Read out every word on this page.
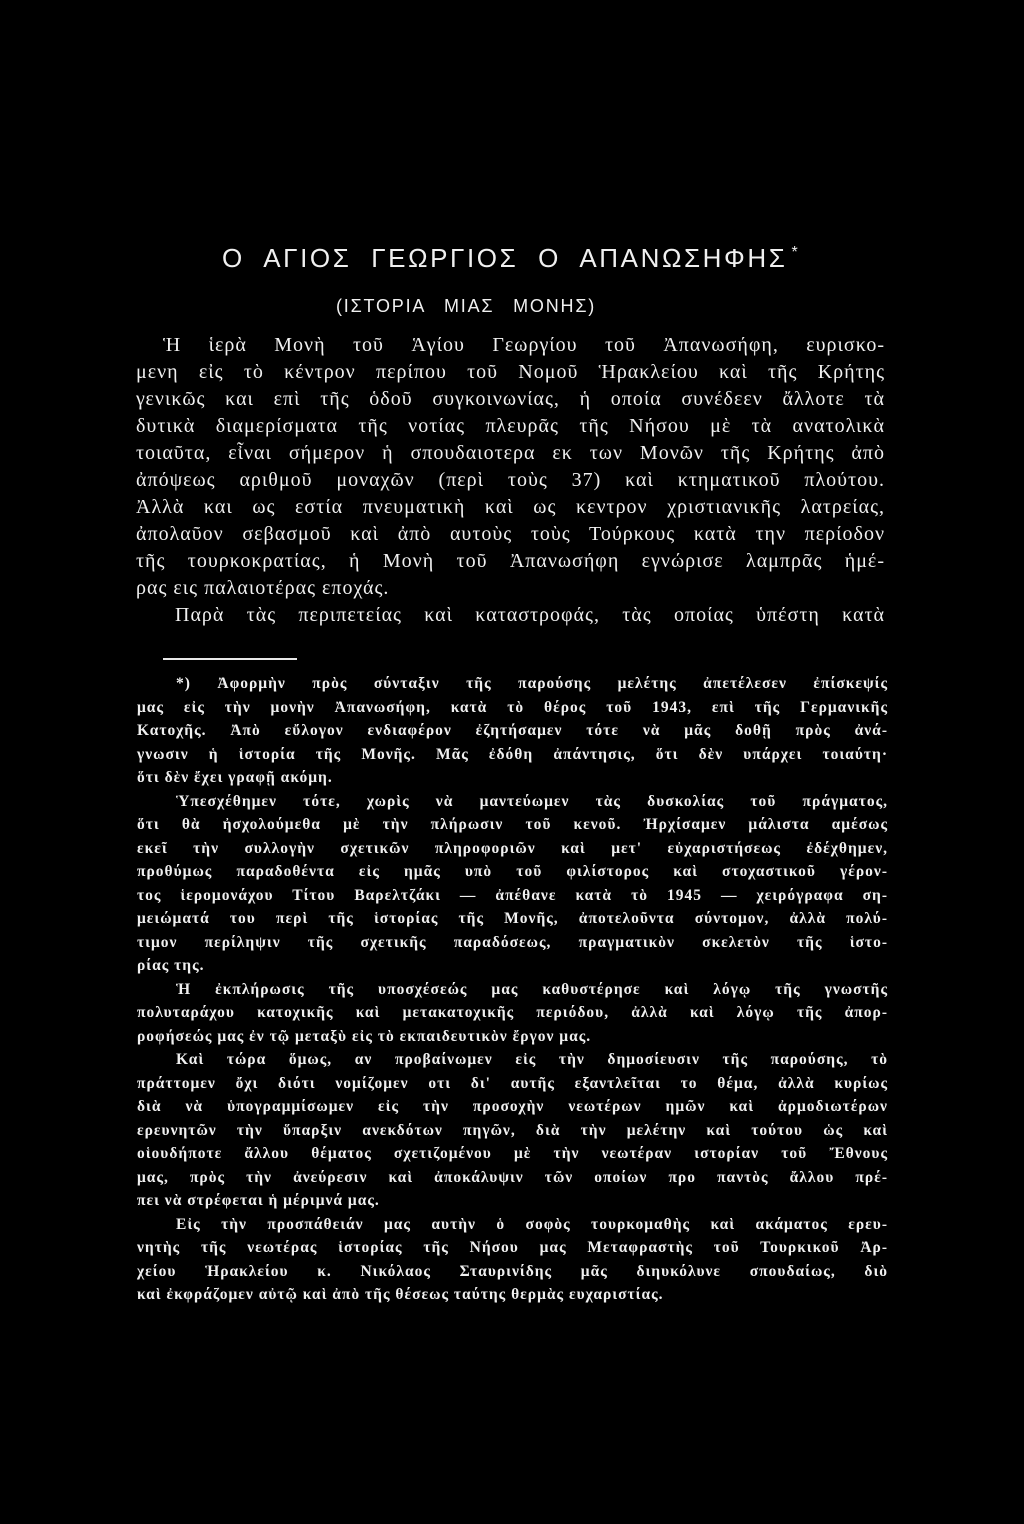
Ο ΑΓΙΟΣ ΓΕΩΡΓΙΟΣ Ο ΑΠΑΝΩΣΗΦΗΣ *
(ΙΣΤΟΡΙΑ ΜΙΑΣ ΜΟΝΗΣ)
Ἡ ἱερὰ Μονὴ τοῦ Ἁγίου Γεωργίου τοῦ Ἀπανωσήφη, ευρισκο-
μενη εἰς τὸ κέντρον περίπου τοῦ Νομοῦ Ἡρακλείου καὶ τῆς Κρήτης
γενικῶς και επὶ τῆς ὁδοῦ συγκοινωνίας, ἡ οποία συνέδεεν ἄλλοτε τὰ
δυτικὰ διαμερίσματα τῆς νοτίας πλευρᾶς τῆς Νήσου μὲ τὰ ανατολικὰ
τοιαῦτα, εἶναι σήμερον ἡ σπουδαιοτερα εκ των Μονῶν τῆς Κρήτης ἀπὸ
ἀπόψεως αριθμοῦ μοναχῶν (περὶ τοὺς 37) καὶ κτηματικοῦ πλούτου.
Ἀλλὰ και ως εστία πνευματικὴ καὶ ως κεντρον χριστιανικῆς λατρείας,
ἀπολαῦον σεβασμοῦ καὶ ἀπὸ αυτοὺς τοὺς Τούρκους κατὰ την περίοδον
τῆς τουρκοκρατίας, ἡ Μονὴ τοῦ Ἀπανωσήφη εγνώρισε λαμπρᾶς ἡμέ-
ρας εις παλαιοτέρας εποχάς.
Παρὰ τὰς περιπετείας καὶ καταστροφάς, τὰς οποίας ὑπέστη κατὰ
*) Ἀφορμὴν πρὸς σύνταξιν τῆς παρούσης μελέτης ἀπετέλεσεν ἐπίσκεψίς
μας εἰς τὴν μονὴν Ἀπανωσήφη, κατὰ τὸ θέρος τοῦ 1943, επὶ τῆς Γερμανικῆς
Κατοχῆς. Ἀπὸ εὔλογον ενδιαφέρον ἐζητήσαμεν τότε νὰ μᾶς δοθῇ πρὸς ἀνά-
γνωσιν ἡ ἱστορία τῆς Μονῆς. Μᾶς ἐδόθη ἀπάντησις, ὅτι δὲν υπάρχει τοιαύτη·
ὅτι δὲν ἔχει γραφῇ ακόμη.
Ὑπεσχέθημεν τότε, χωρὶς νὰ μαντεύωμεν τὰς δυσκολίας τοῦ πράγματος,
ὅτι θὰ ἠσχολούμεθα μὲ τὴν πλήρωσιν τοῦ κενοῦ. Ἠρχίσαμεν μάλιστα αμέσως
εκεῖ τὴν συλλογὴν σχετικῶν πληροφοριῶν καὶ μετ' εὐχαριστήσεως ἐδέχθημεν,
προθύμως παραδοθέντα εἰς ημᾶς υπὸ τοῦ φιλίστορος καὶ στοχαστικοῦ γέρον-
τος ἱερομονάχου Τίτου Βαρελτζάκι — ἀπέθανε κατὰ τὸ 1945 — χειρόγραφα ση-
μειώματά του περὶ τῆς ἱστορίας τῆς Μονῆς, ἀποτελοῦντα σύντομον, ἀλλὰ πολύ-
τιμον περίληψιν τῆς σχετικῆς παραδόσεως, πραγματικὸν σκελετὸν τῆς ἱστο-
ρίας της.
Ἡ ἐκπλήρωσις τῆς υποσχέσεώς μας καθυστέρησε καὶ λόγῳ τῆς γνωστῆς
πολυταράχου κατοχικῆς καὶ μετακατοχικῆς περιόδου, ἀλλὰ καὶ λόγῳ τῆς ἀπορ-
ροφήσεώς μας ἐν τῷ μεταξὺ εἰς τὸ εκπαιδευτικὸν ἔργον μας.
Καὶ τώρα ὅμως, αν προβαίνωμεν εἰς τὴν δημοσίευσιν τῆς παρούσης, τὸ
πράττομεν ὄχι διότι νομίζομεν οτι δι' αυτῆς εξαντλεῖται το θέμα, ἀλλὰ κυρίως
διὰ νὰ ὑπογραμμίσωμεν εἰς τὴν προσοχὴν νεωτέρων ημῶν καὶ ἀρμοδιωτέρων
ερευνητῶν τὴν ὕπαρξιν ανεκδότων πηγῶν, διὰ τὴν μελέτην καὶ τούτου ὡς καὶ
οἱουδήποτε ἄλλου θέματος σχετιζομένου μὲ τὴν νεωτέραν ιστορίαν τοῦ Ἔθνους
μας, πρὸς τὴν ἀνεύρεσιν καὶ ἀποκάλυψιν τῶν οποίων προ παντὸς ἄλλου πρέ-
πει νὰ στρέφεται ἡ μέριμνά μας.
Εἰς τὴν προσπάθειάν μας αυτὴν ὁ σοφὸς τουρκομαθὴς καὶ ακάματος ερευ-
νητὴς τῆς νεωτέρας ἱστορίας τῆς Νήσου μας Μεταφραστὴς τοῦ Τουρκικοῦ Ἀρ-
χείου Ἡρακλείου κ. Νικόλαος Σταυρινίδης μᾶς διηυκόλυνε σπουδαίως, διὸ
καὶ ἐκφράζομεν αὐτῷ καὶ ἀπὸ τῆς θέσεως ταύτης θερμὰς ευχαριστίας.
